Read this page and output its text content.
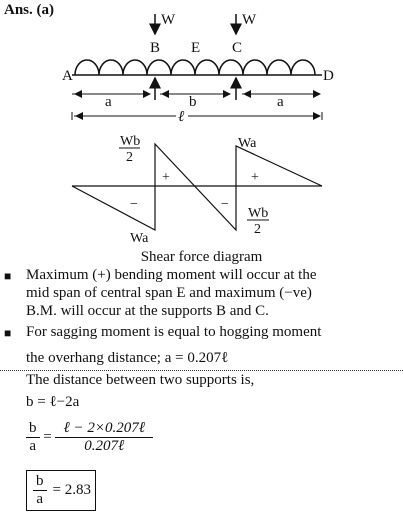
Ans. (a)
W	W
B E C
A	D
a	b	a
ℓ
Wb
2
Wa
Wa
Wb
2
+	+
−	−
Shear force diagram
■ Maximum (+) bending moment will occur at the
mid span of central span E and maximum (−ve)
B.M. will occur at the supports B and C.
■ For sagging moment is equal to hogging moment
the overhang distance; a = 0.207ℓ
The distance between two supports is,
b = ℓ−2a
$\frac{b}{a} = \frac{\text{ℓ − 2×0.207ℓ}}{\text{0.207ℓ}}$
$\frac{b}{a} = 2.83$
